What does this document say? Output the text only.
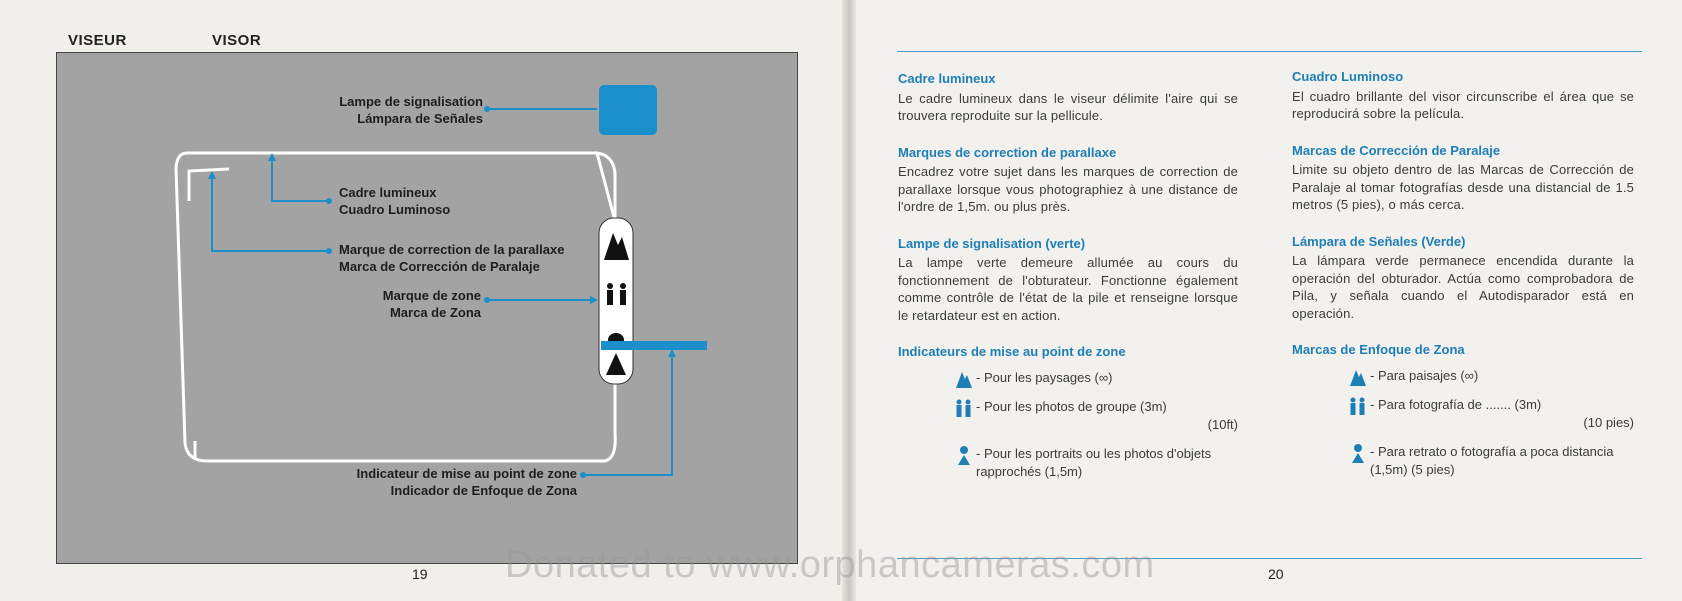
VISEUR	VISOR
Lampe de signalisation
Lámpara de Señales
Cadre lumineux
Cuadro Luminoso
Marque de correction de la parallaxe
Marca de Corrección de Paralaje
Marque de zone
Marca de Zona
Indicateur de mise au point de zone
Indicador de Enfoque de Zona
19
Cadre lumineux

Le cadre lumineux dans le viseur délimite l'aire qui se trouvera reproduite sur la pellicule.

Marques de correction de parallaxe

Encadrez votre sujet dans les marques de correction de parallaxe lorsque vous photographiez à une distance de l'ordre de 1,5m. ou plus près.

Lampe de signalisation (verte)

La lampe verte demeure allumée au cours du fonctionnement de l'obturateur. Fonctionne également comme contrôle de l'état de la pile et renseigne lorsque le retardateur est en action.

Indicateurs de mise au point de zone
- Pour les paysages (∞)
- Pour les photos de groupe (3m)
(10ft)
- Pour les portraits ou les photos d'objets rapprochés (1,5m)
Cuadro Luminoso

El cuadro brillante del visor circunscribe el área que se reproducirá sobre la película.

Marcas de Corrección de Paralaje

Limite su objeto dentro de las Marcas de Corrección de Paralaje al tomar fotografías desde una distancial de 1.5 metros (5 pies), o más cerca.

Lámpara de Señales (Verde)

La lámpara verde permanece encendida durante la operación del obturador. Actúa como comprobadora de Pila, y señala cuando el Autodisparador está en operación.

Marcas de Enfoque de Zona
- Para paisajes (∞)
- Para fotografía de ....... (3m)
(10 pies)
- Para retrato o fotografía a poca distancia (1,5m) (5 pies)
20
Donated to www.orphancameras.com
